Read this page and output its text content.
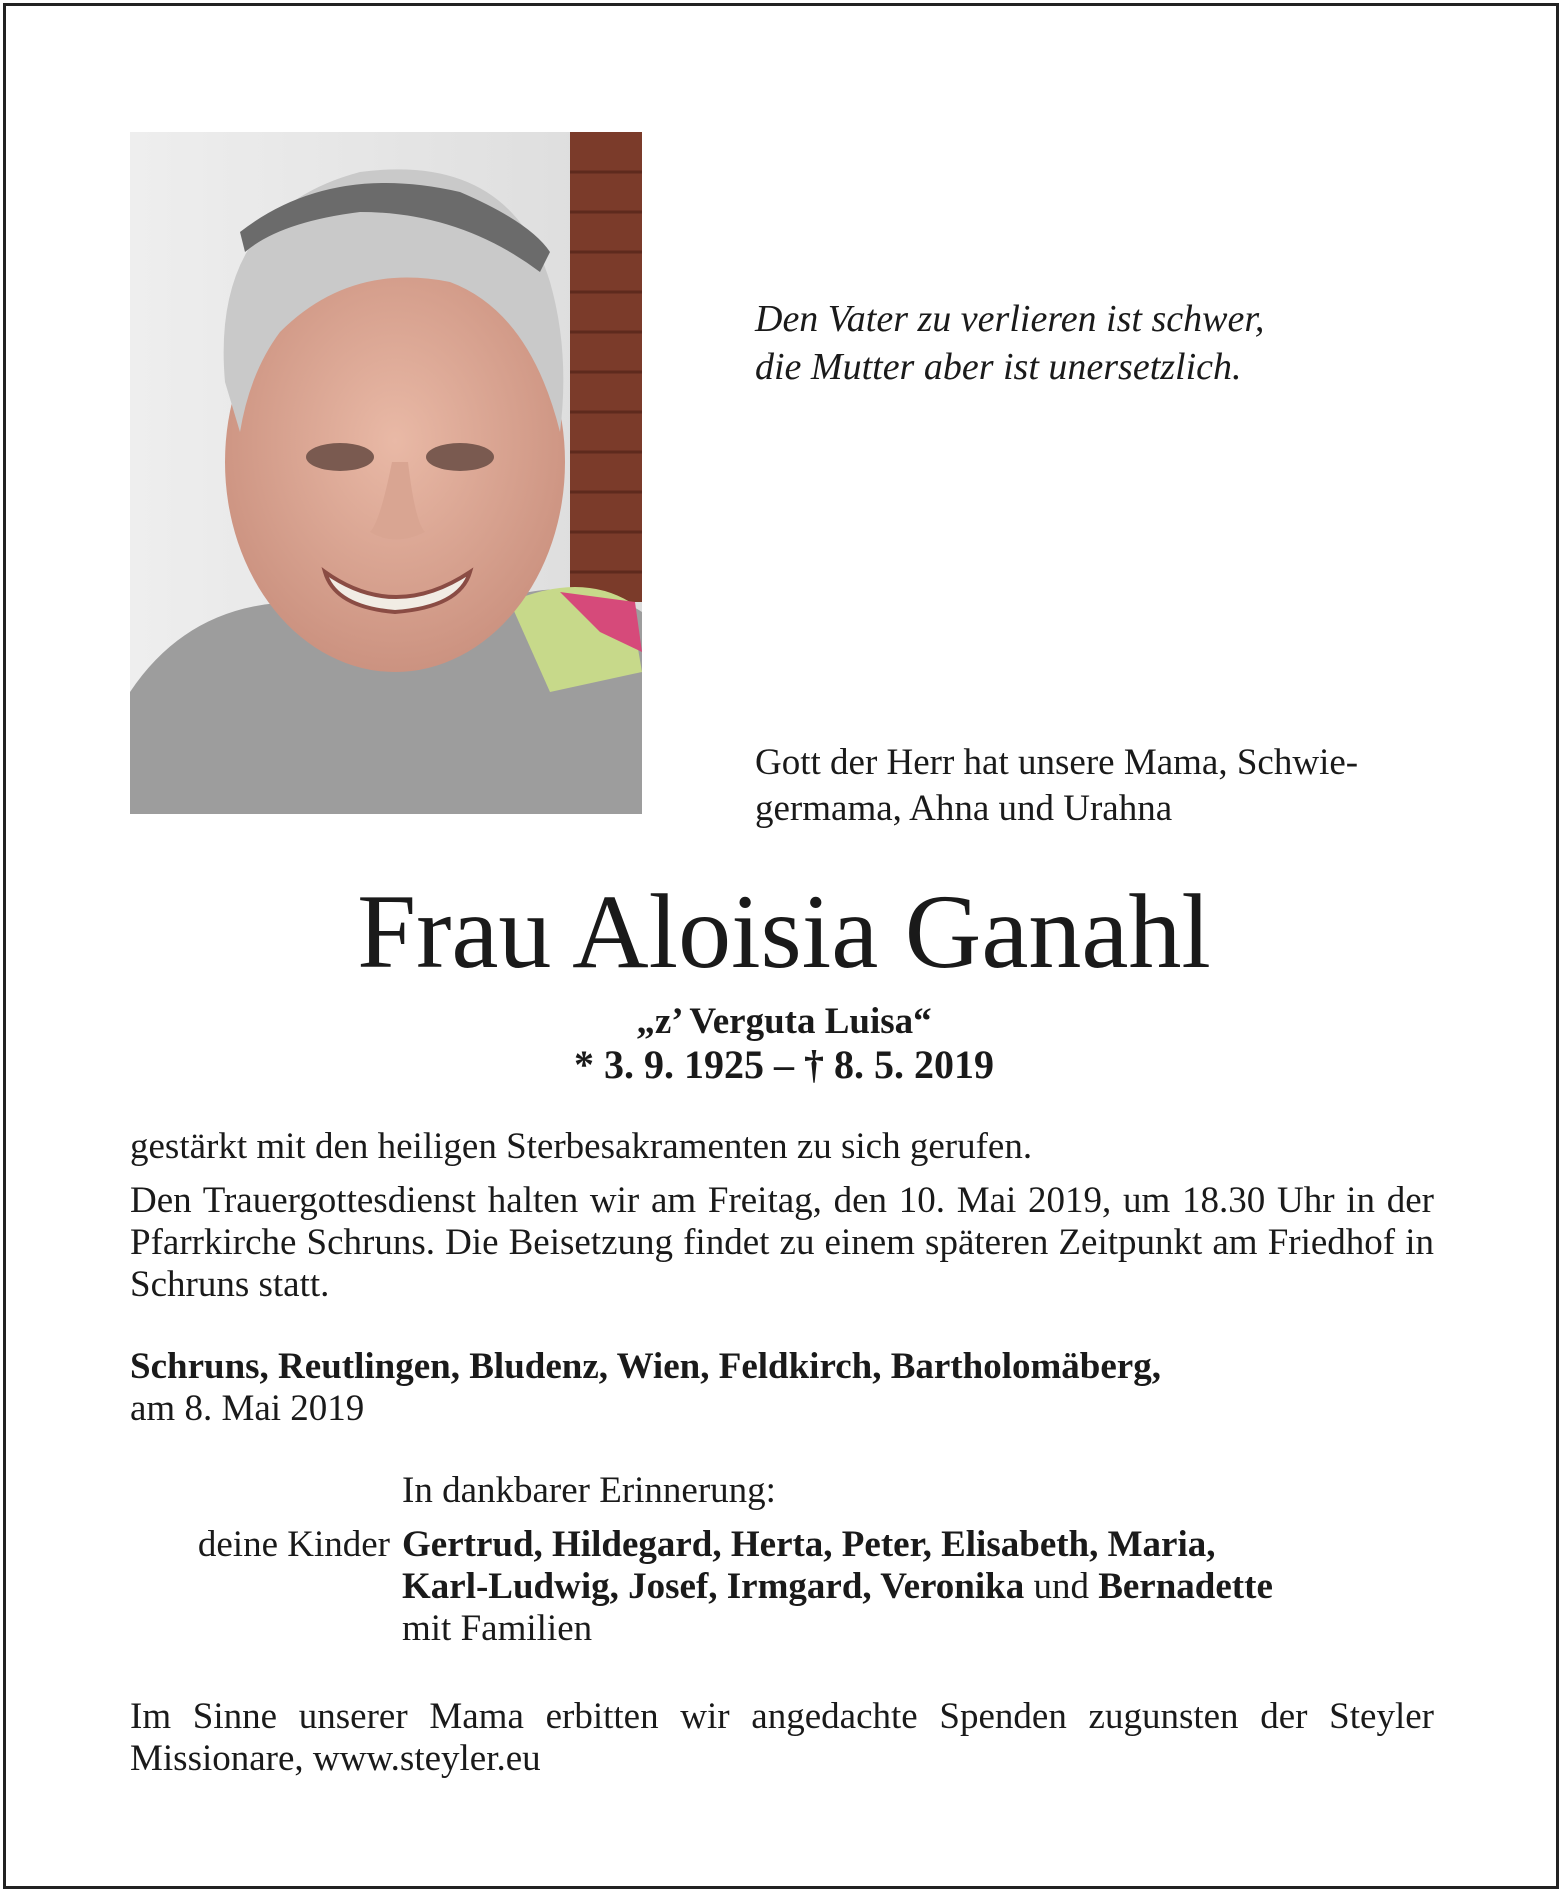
Den Vater zu verlieren ist schwer,
die Mutter aber ist unersetzlich.
Gott der Herr hat unsere Mama, Schwie-
germama, Ahna und Urahna
Frau Aloisia Ganahl
„z’ Verguta Luisa“
* 3. 9. 1925 – † 8. 5. 2019
gestärkt mit den heiligen Sterbesakramenten zu sich gerufen.
Den Trauergottesdienst halten wir am Freitag, den 10. Mai 2019, um 18.30 Uhr in der Pfarrkirche Schruns. Die Beisetzung findet zu einem späteren Zeitpunkt am Friedhof in Schruns statt.
Schruns, Reutlingen, Bludenz, Wien, Feldkirch, Bartholomäberg,
am 8. Mai 2019
In dankbarer Erinnerung:
deine Kinder Gertrud, Hildegard, Herta, Peter, Elisabeth, Maria,
Karl-Ludwig, Josef, Irmgard, Veronika und Bernadette
mit Familien
Im Sinne unserer Mama erbitten wir angedachte Spenden zugunsten der Steyler Missionare, www.steyler.eu
